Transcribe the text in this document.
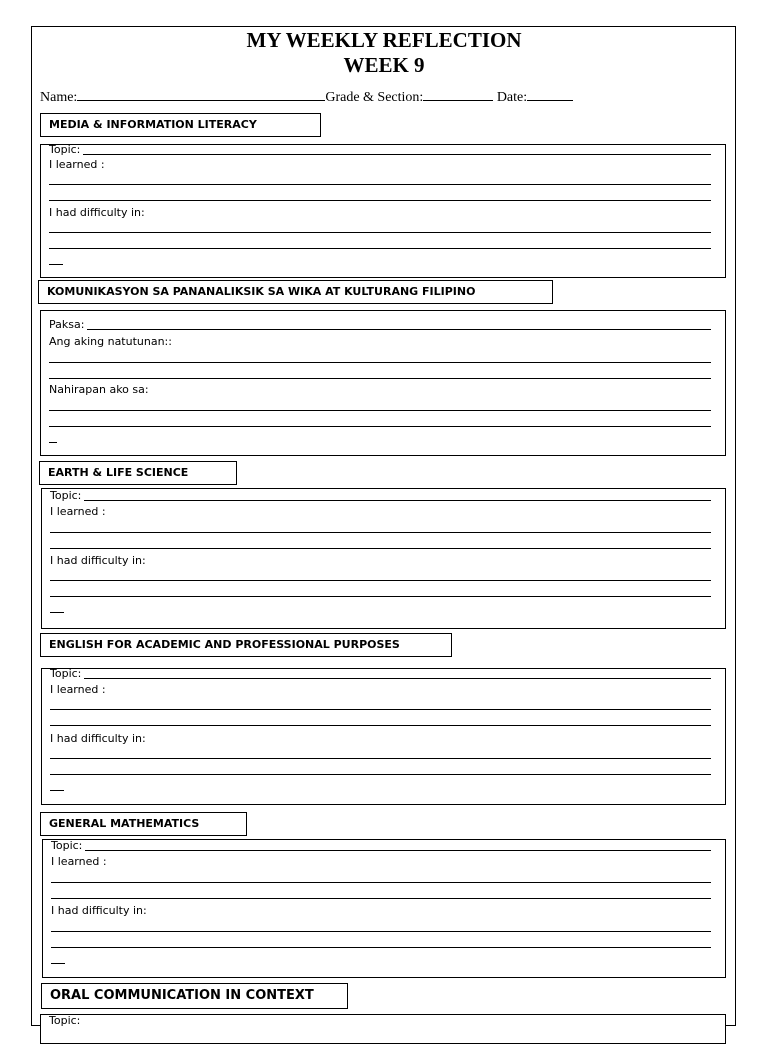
MY WEEKLY REFLECTION
WEEK 9
Name:	Grade & Section:	Date:
MEDIA & INFORMATION LITERACY
Topic:
I learned :
I had difficulty in:
KOMUNIKASYON SA PANANALIKSIK SA WIKA AT KULTURANG FILIPINO
Paksa:
Ang aking natutunan::
Nahirapan ako sa:
EARTH & LIFE SCIENCE
Topic:
I learned :
I had difficulty in:
ENGLISH FOR ACADEMIC AND PROFESSIONAL PURPOSES
Topic:
I learned :
I had difficulty in:
GENERAL MATHEMATICS
Topic:
I learned :
I had difficulty in:
ORAL COMMUNICATION IN CONTEXT
Topic:
